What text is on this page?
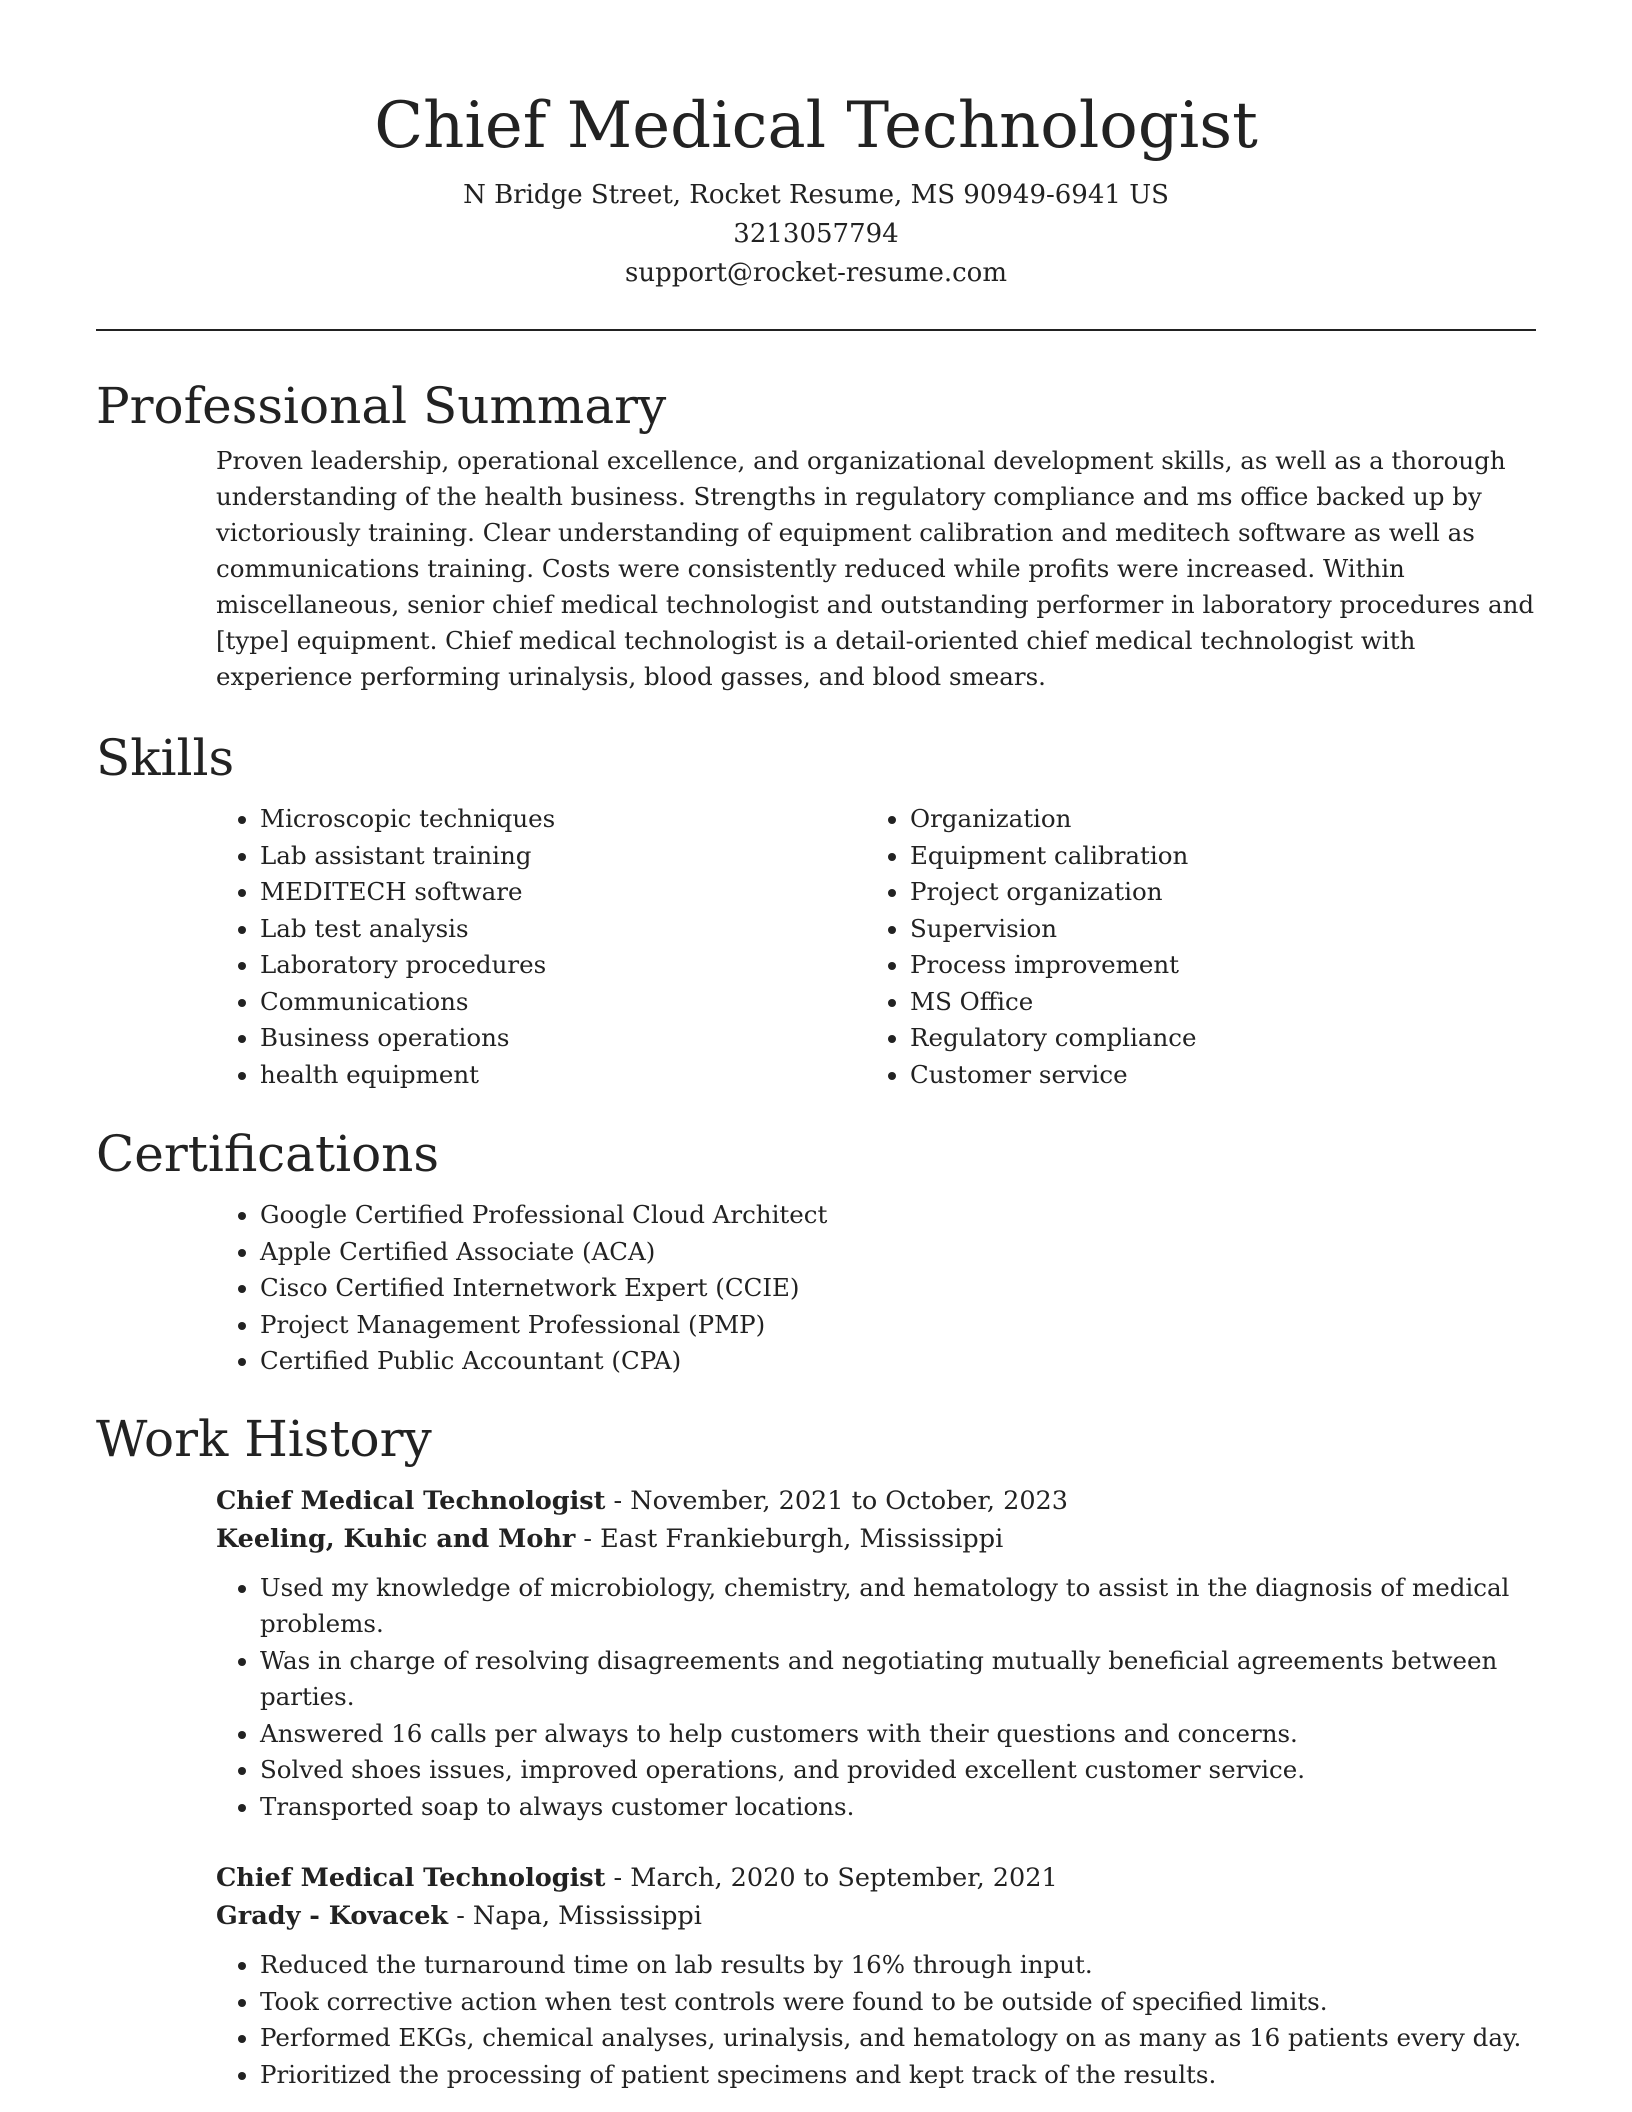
Chief Medical Technologist

N Bridge Street, Rocket Resume, MS 90949-6941 US

3213057794

support@rocket-resume.com

Professional Summary

Proven leadership, operational excellence, and organizational development skills, as well as a thorough understanding of the health business. Strengths in regulatory compliance and ms office backed up by victoriously training. Clear understanding of equipment calibration and meditech software as well as communications training. Costs were consistently reduced while profits were increased. Within miscellaneous, senior chief medical technologist and outstanding performer in laboratory procedures and [type] equipment. Chief medical technologist is a detail-oriented chief medical technologist with experience performing urinalysis, blood gasses, and blood smears.

Skills
• Microscopic techniques
• Lab assistant training
• MEDITECH software
• Lab test analysis
• Laboratory procedures
• Communications
• Business operations
• health equipment
• Organization
• Equipment calibration
• Project organization
• Supervision
• Process improvement
• MS Office
• Regulatory compliance
• Customer service
Certifications
• Google Certified Professional Cloud Architect
• Apple Certified Associate (ACA)
• Cisco Certified Internetwork Expert (CCIE)
• Project Management Professional (PMP)
• Certified Public Accountant (CPA)
Work History

Chief Medical Technologist - November, 2021 to October, 2023

Keeling, Kuhic and Mohr - East Frankieburgh, Mississippi

• Used my knowledge of microbiology, chemistry, and hematology to assist in the diagnosis of medical problems.
• Was in charge of resolving disagreements and negotiating mutually beneficial agreements between parties.
• Answered 16 calls per always to help customers with their questions and concerns.
• Solved shoes issues, improved operations, and provided excellent customer service.
• Transported soap to always customer locations.

Chief Medical Technologist - March, 2020 to September, 2021

Grady - Kovacek - Napa, Mississippi

• Reduced the turnaround time on lab results by 16% through input.
• Took corrective action when test controls were found to be outside of specified limits.
• Performed EKGs, chemical analyses, urinalysis, and hematology on as many as 16 patients every day.
• Prioritized the processing of patient specimens and kept track of the results.
